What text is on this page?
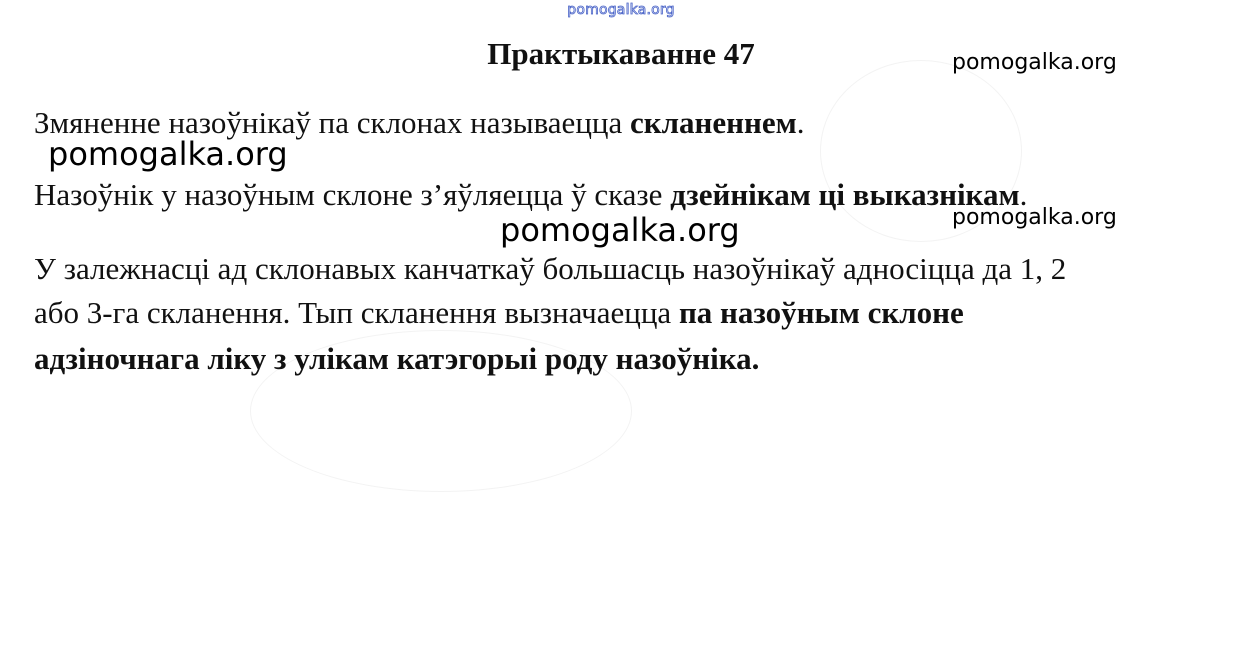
pomogalka.org
Практыкаванне 47	pomogalka.org
Змяненне назоўнікаў па склонах называецца скланеннем.
pomogalka.org
Назоўнік у назоўным склоне з’яўляецца ў сказе дзейнікам ці выказнікам.
pomogalka.org
pomogalka.org
У залежнасці ад склонавых канчаткаў большасць назоўнікаў адносіцца да 1, 2
або 3-га скланення. Тып скланення вызначаецца па назоўным склоне
адзіночнага ліку з улікам катэгорыі роду назоўніка.
